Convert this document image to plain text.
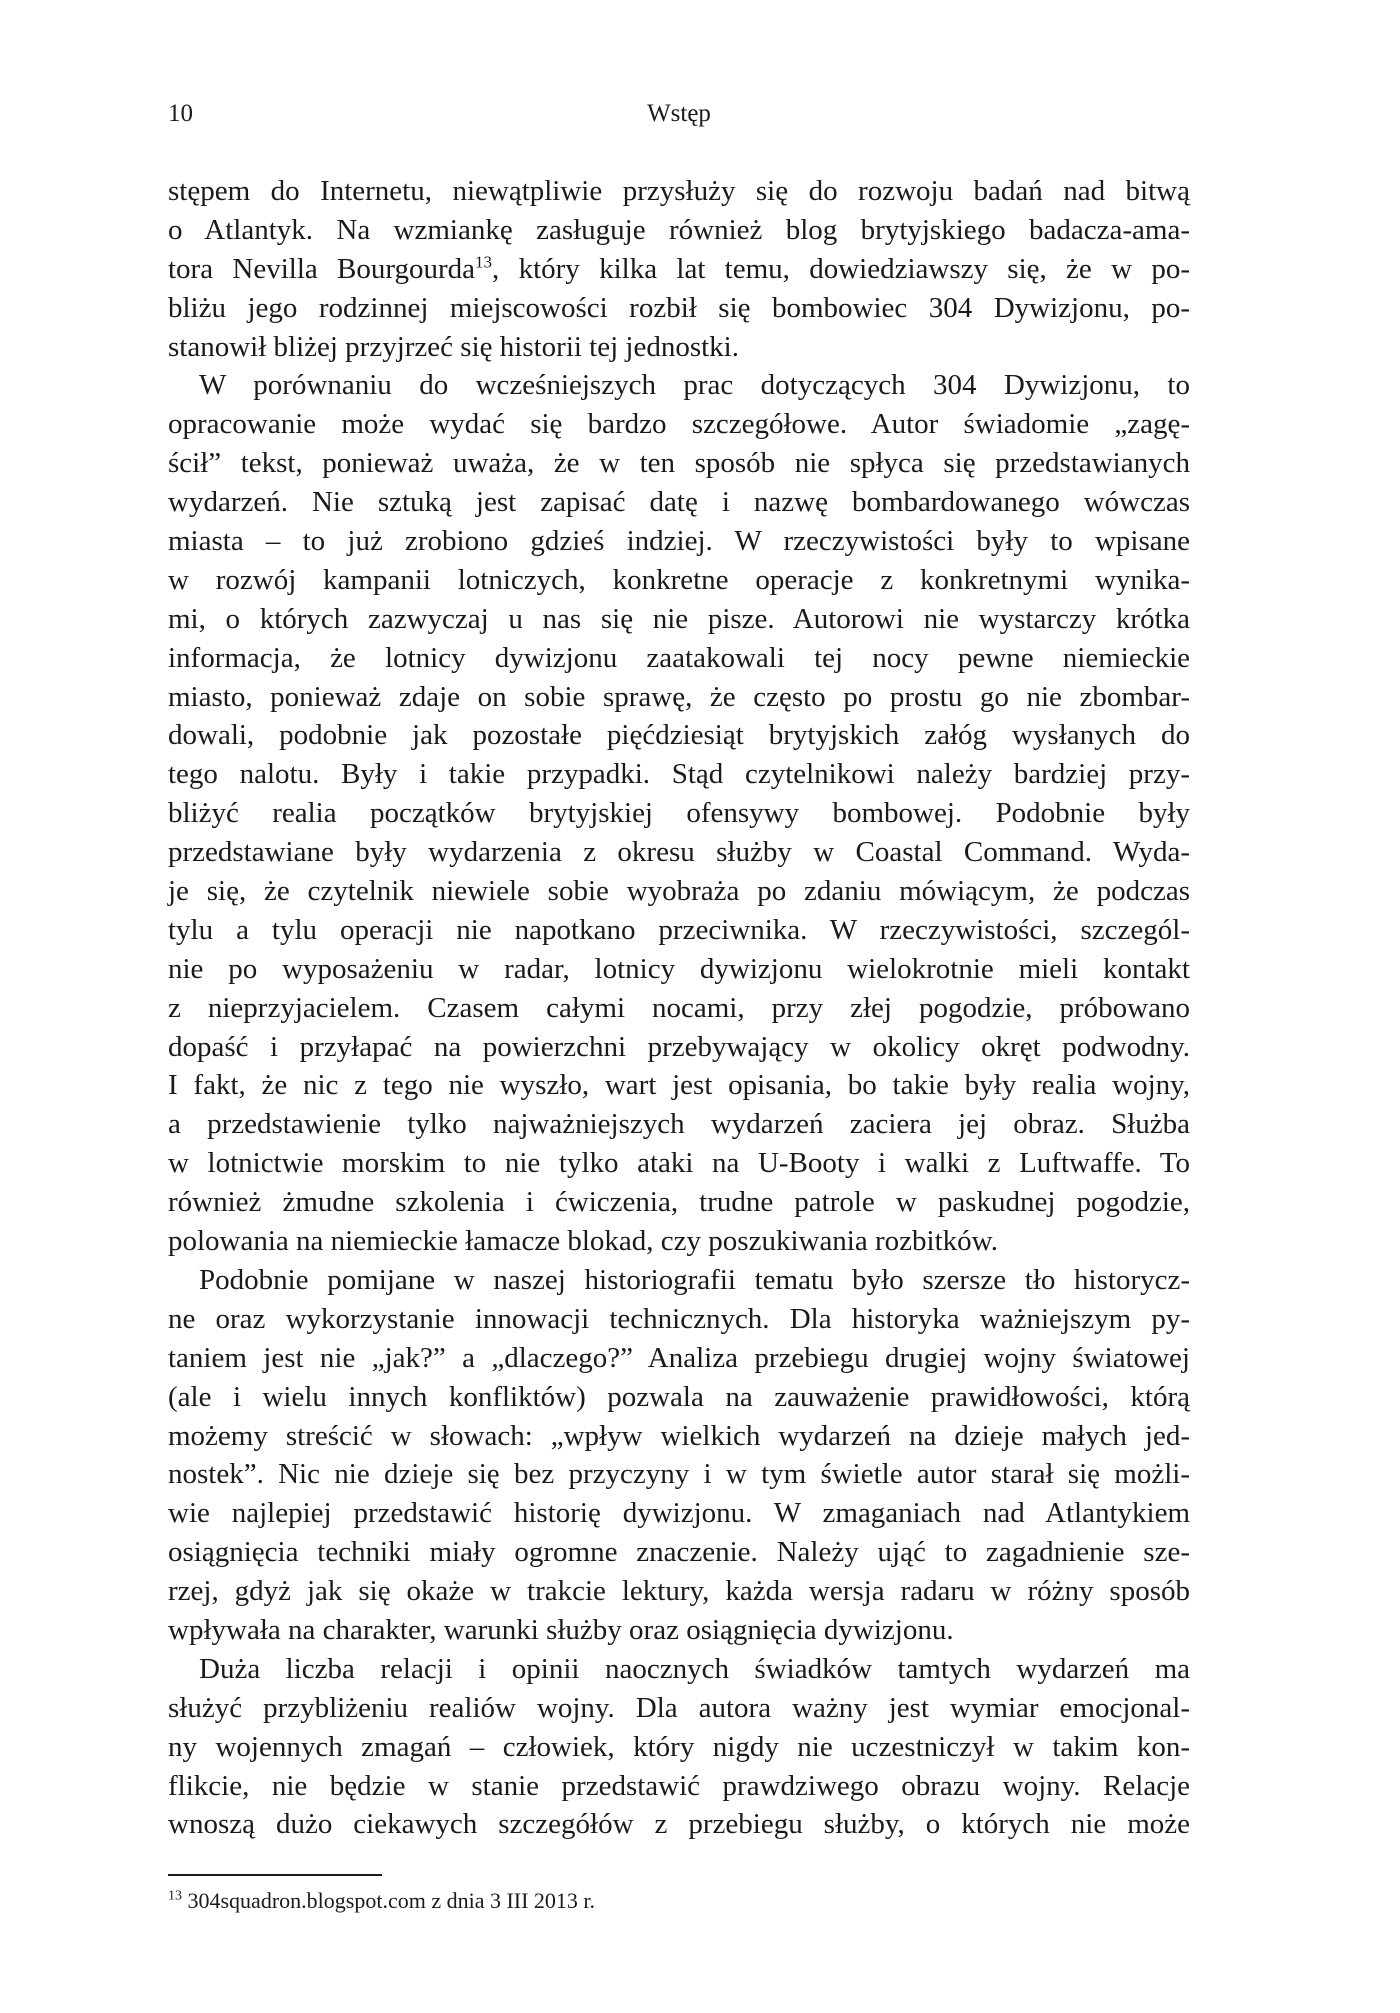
10	Wstęp
stępem do Internetu, niewątpliwie przysłuży się do rozwoju badań nad bitwą
o Atlantyk. Na wzmiankę zasługuje również blog brytyjskiego badacza-ama-
tora Nevilla Bourgourda$^{13}$, który kilka lat temu, dowiedziawszy się, że w po-
bliżu jego rodzinnej miejscowości rozbił się bombowiec 304 Dywizjonu, po-
stanowił bliżej przyjrzeć się historii tej jednostki.
W porównaniu do wcześniejszych prac dotyczących 304 Dywizjonu, to
opracowanie może wydać się bardzo szczegółowe. Autor świadomie „zagę-
ścił” tekst, ponieważ uważa, że w ten sposób nie spłyca się przedstawianych
wydarzeń. Nie sztuką jest zapisać datę i nazwę bombardowanego wówczas
miasta – to już zrobiono gdzieś indziej. W rzeczywistości były to wpisane
w rozwój kampanii lotniczych, konkretne operacje z konkretnymi wynika-
mi, o których zazwyczaj u nas się nie pisze. Autorowi nie wystarczy krótka
informacja, że lotnicy dywizjonu zaatakowali tej nocy pewne niemieckie
miasto, ponieważ zdaje on sobie sprawę, że często po prostu go nie zbombar-
dowali, podobnie jak pozostałe pięćdziesiąt brytyjskich załóg wysłanych do
tego nalotu. Były i takie przypadki. Stąd czytelnikowi należy bardziej przy-
bliżyć realia początków brytyjskiej ofensywy bombowej. Podobnie były
przedstawiane były wydarzenia z okresu służby w Coastal Command. Wyda-
je się, że czytelnik niewiele sobie wyobraża po zdaniu mówiącym, że podczas
tylu a tylu operacji nie napotkano przeciwnika. W rzeczywistości, szczegól-
nie po wyposażeniu w radar, lotnicy dywizjonu wielokrotnie mieli kontakt
z nieprzyjacielem. Czasem całymi nocami, przy złej pogodzie, próbowano
dopaść i przyłapać na powierzchni przebywający w okolicy okręt podwodny.
I fakt, że nic z tego nie wyszło, wart jest opisania, bo takie były realia wojny,
a przedstawienie tylko najważniejszych wydarzeń zaciera jej obraz. Służba
w lotnictwie morskim to nie tylko ataki na U-Booty i walki z Luftwaffe. To
również żmudne szkolenia i ćwiczenia, trudne patrole w paskudnej pogodzie,
polowania na niemieckie łamacze blokad, czy poszukiwania rozbitków.
Podobnie pomijane w naszej historiografii tematu było szersze tło historycz-
ne oraz wykorzystanie innowacji technicznych. Dla historyka ważniejszym py-
taniem jest nie „jak?” a „dlaczego?” Analiza przebiegu drugiej wojny światowej
(ale i wielu innych konfliktów) pozwala na zauważenie prawidłowości, którą
możemy streścić w słowach: „wpływ wielkich wydarzeń na dzieje małych jed-
nostek”. Nic nie dzieje się bez przyczyny i w tym świetle autor starał się możli-
wie najlepiej przedstawić historię dywizjonu. W zmaganiach nad Atlantykiem
osiągnięcia techniki miały ogromne znaczenie. Należy ująć to zagadnienie sze-
rzej, gdyż jak się okaże w trakcie lektury, każda wersja radaru w różny sposób
wpływała na charakter, warunki służby oraz osiągnięcia dywizjonu.
Duża liczba relacji i opinii naocznych świadków tamtych wydarzeń ma
służyć przybliżeniu realiów wojny. Dla autora ważny jest wymiar emocjonal-
ny wojennych zmagań – człowiek, który nigdy nie uczestniczył w takim kon-
flikcie, nie będzie w stanie przedstawić prawdziwego obrazu wojny. Relacje
wnoszą dużo ciekawych szczegółów z przebiegu służby, o których nie może
$^{13}$ 304squadron.blogspot.com z dnia 3 III 2013 r.
